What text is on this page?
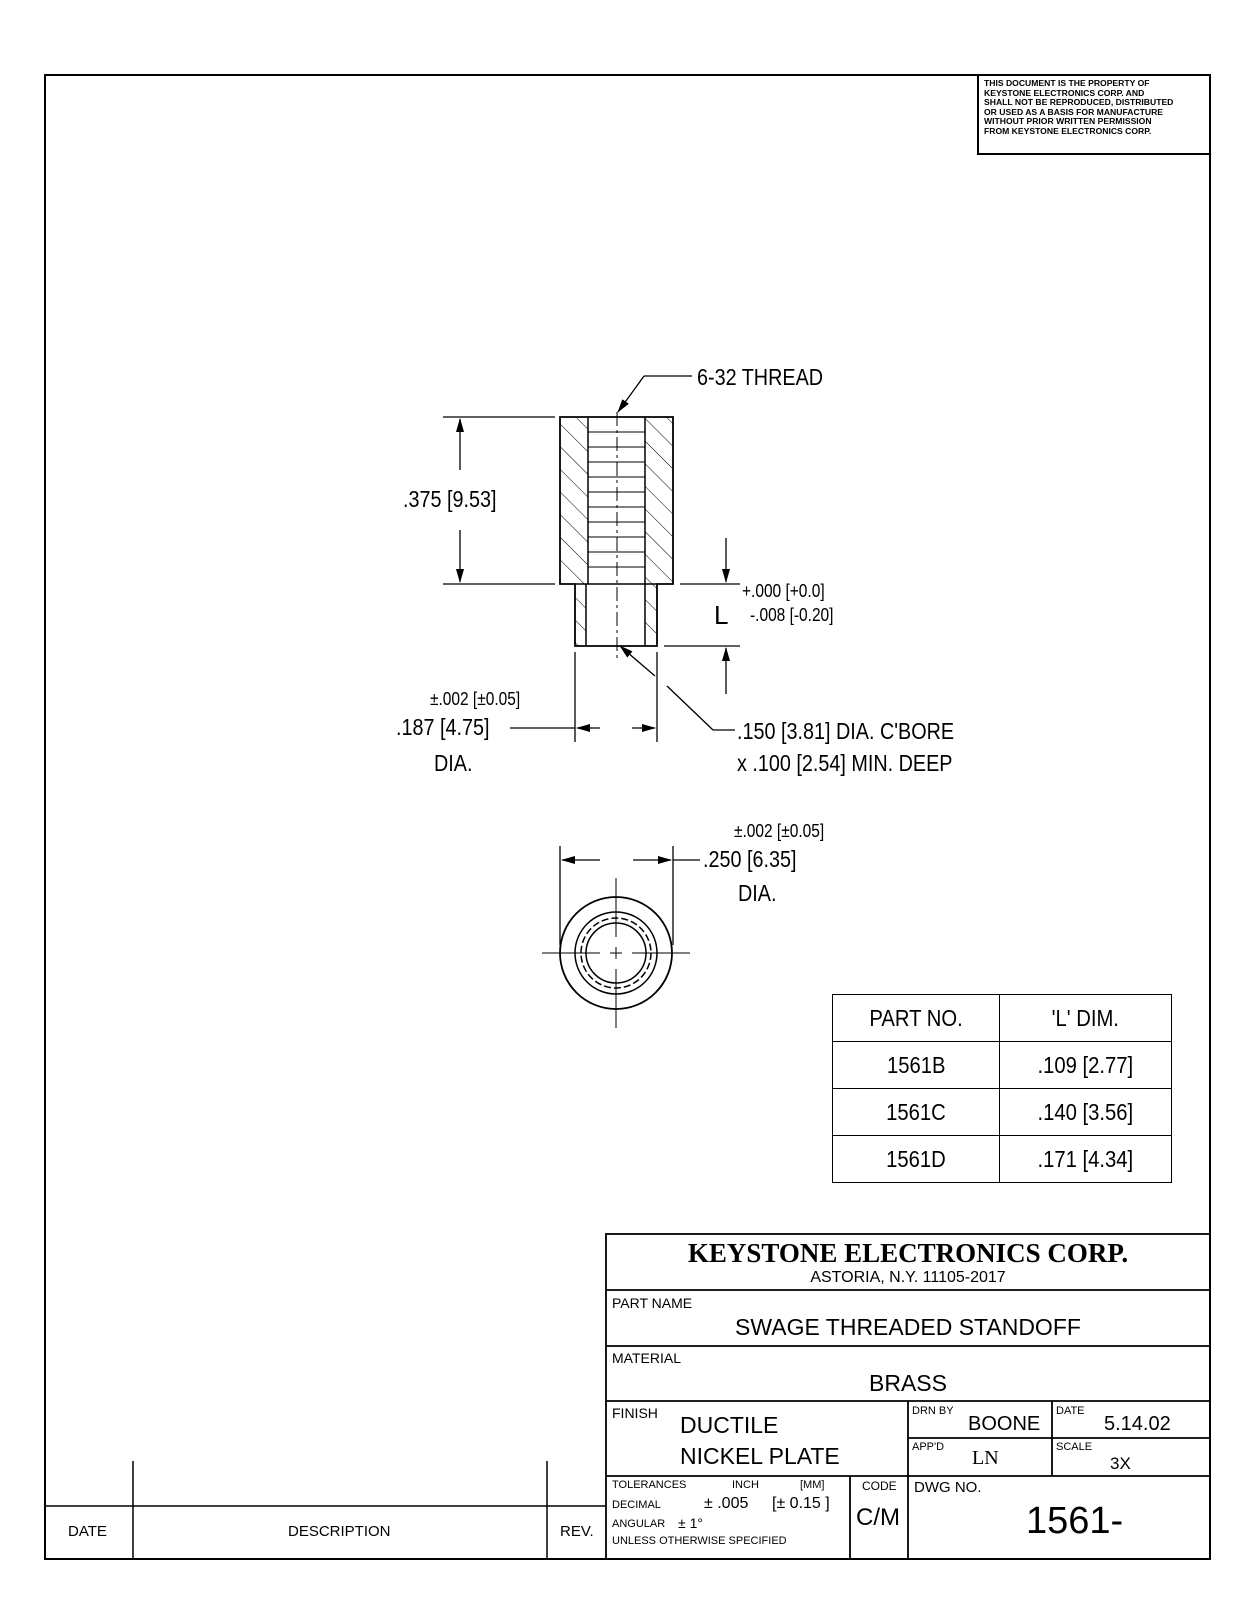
THIS DOCUMENT IS THE PROPERTY OF
KEYSTONE ELECTRONICS CORP. AND
SHALL NOT BE REPRODUCED, DISTRIBUTED
OR USED AS A BASIS FOR MANUFACTURE
WITHOUT PRIOR WRITTEN PERMISSION
FROM KEYSTONE ELECTRONICS CORP.
6-32 THREAD
.375 [9.53]
L
+.000 [+0.0]
-.008 [-0.20]
±.002 [±0.05]
.187 [4.75]
DIA.
.150 [3.81] DIA. C'BORE
x .100 [2.54] MIN. DEEP
±.002 [±0.05]
.250 [6.35]
DIA.
PART NO.	'L' DIM.
1561B	.109 [2.77]
1561C	.140 [3.56]
1561D	.171 [4.34]
KEYSTONE ELECTRONICS CORP.
ASTORIA, N.Y. 11105-2017
PART NAME
SWAGE THREADED STANDOFF
MATERIAL
BRASS
FINISH DUCTILE
NICKEL PLATE
DRN BY
BOONE
DATE
5.14.02
APP'D LN	SCALE
3X
TOLERANCES	INCH	[MM]
DECIMAL	± .005 [± 0.15 ]
ANGULAR ± 1°
UNLESS OTHERWISE SPECIFIED
CODE
C/M
DWG NO.
1561-
DATE	DESCRIPTION	REV.
